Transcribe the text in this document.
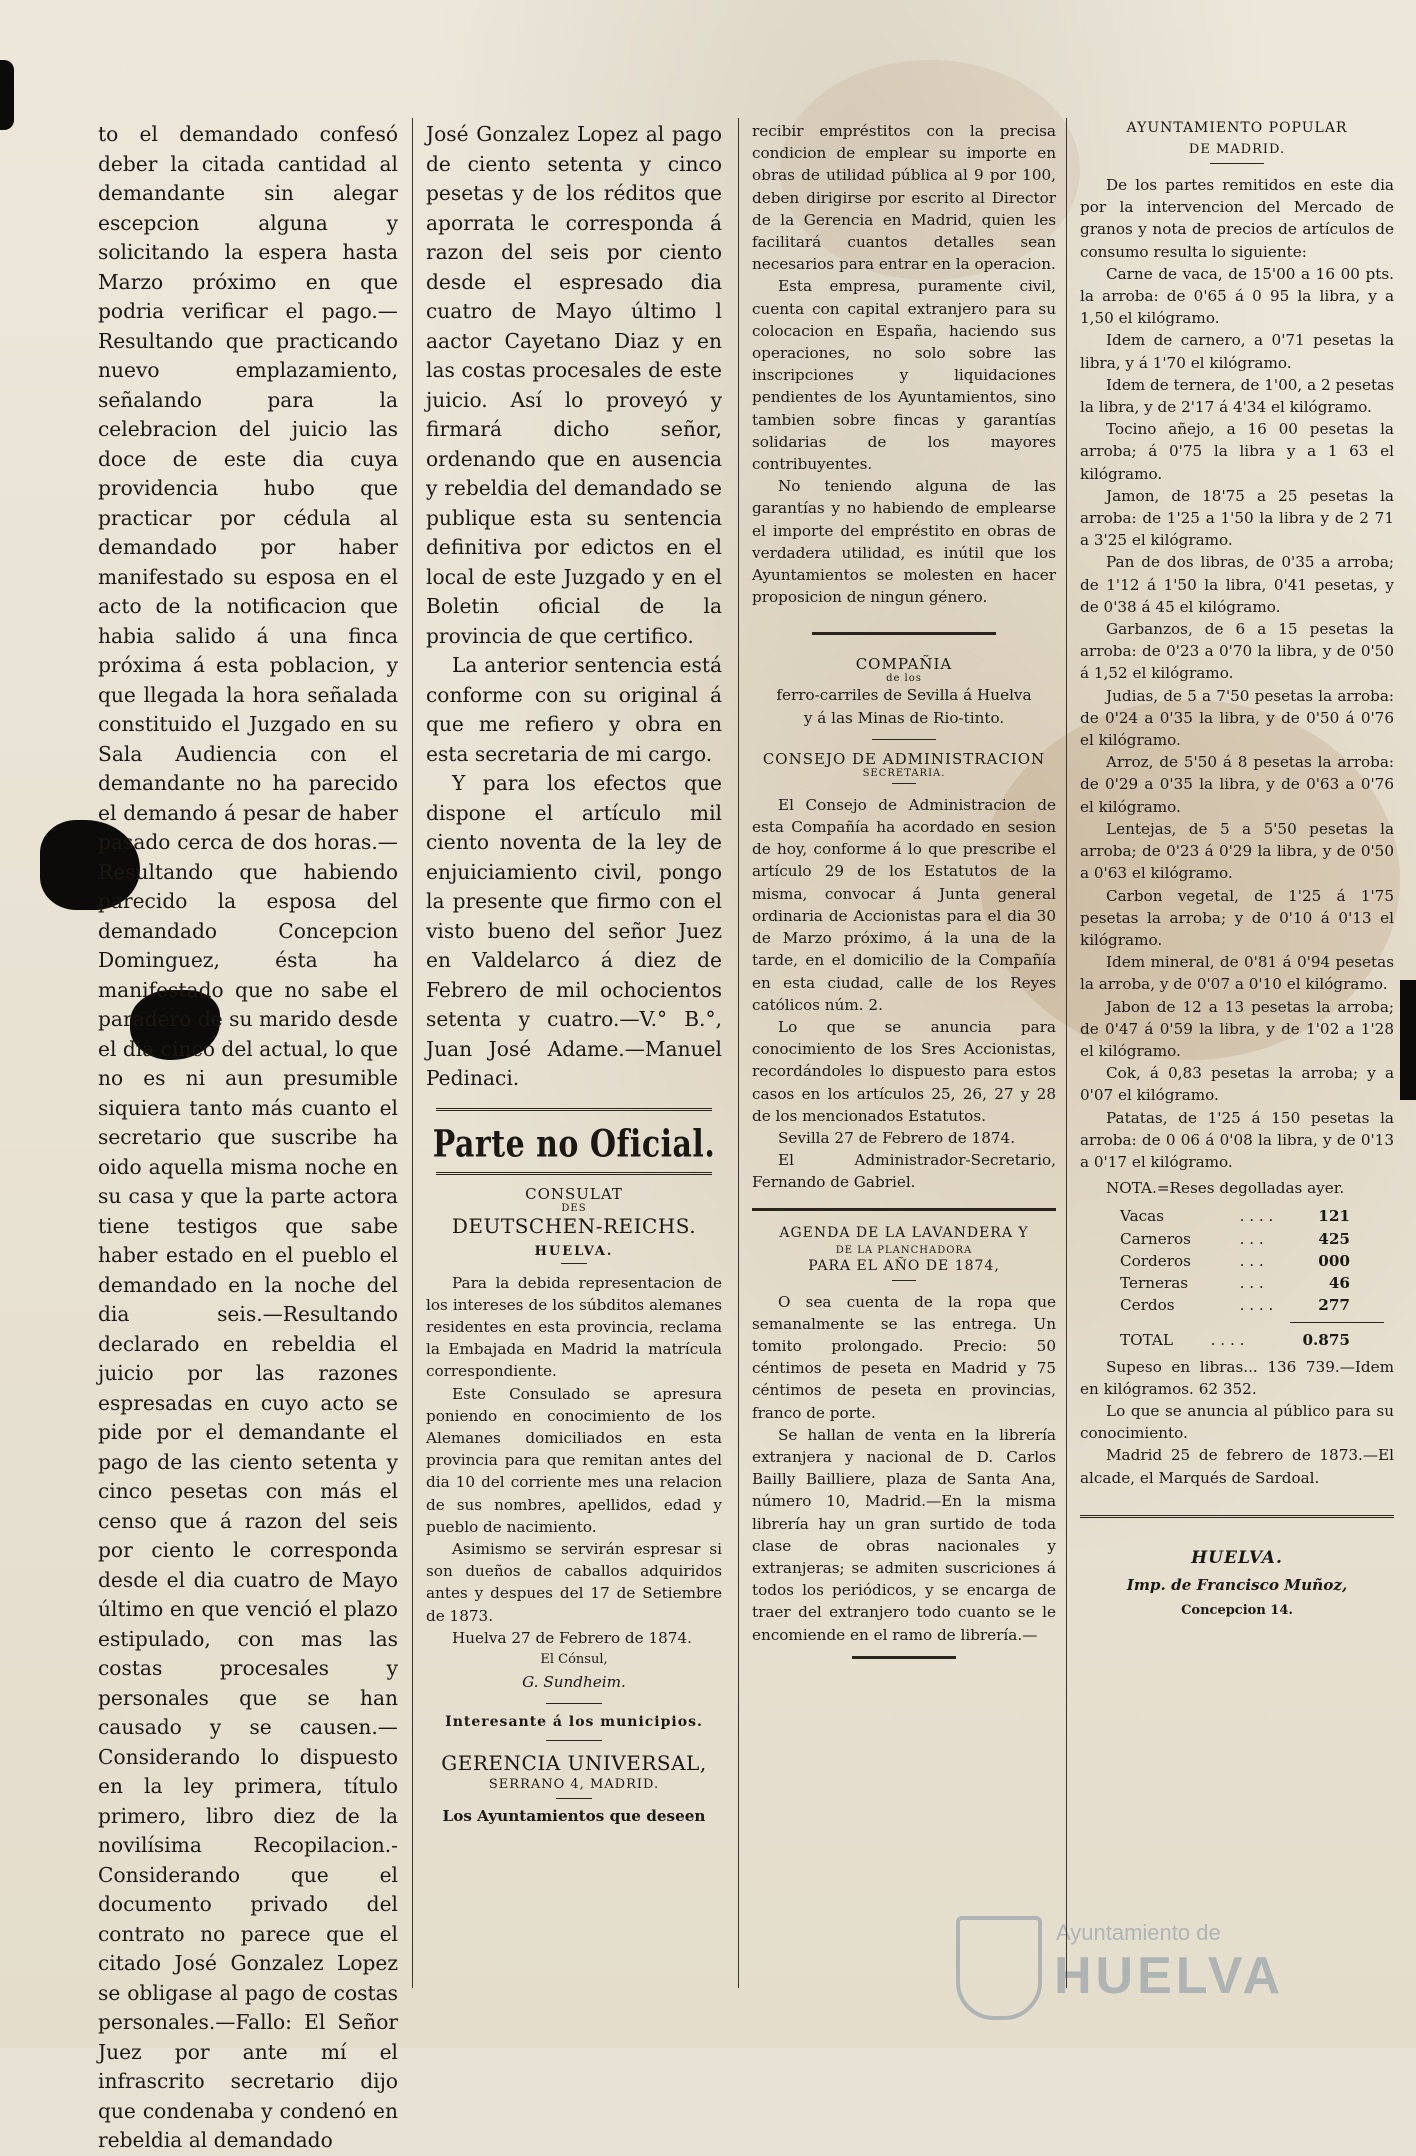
to el demandado confesó deber la citada cantidad al demandante sin alegar escepcion alguna y solicitando la espera hasta Marzo próximo en que podria verificar el pago.—Resultando que practicando nuevo emplazamiento, señalando para la celebracion del juicio las doce de este dia cuya providencia hubo que practicar por cédula al demandado por haber manifestado su esposa en el acto de la notificacion que habia salido á una finca próxima á esta poblacion, y que llegada la hora señalada constituido el Juzgado en su Sala Audiencia con el demandante no ha parecido el demando á pesar de haber pasado cerca de dos horas.—Resultando que habiendo parecido la esposa del demandado Concepcion Dominguez, ésta ha manifestado que no sabe el paradero de su marido desde el dia cinco del actual, lo que no es ni aun presumible siquiera tanto más cuanto el secretario que suscribe ha oido aquella misma noche en su casa y que la parte actora tiene testigos que sabe haber estado en el pueblo el demandado en la noche del dia seis.—Resultando declarado en rebeldia el juicio por las razones espresadas en cuyo acto se pide por el demandante el pago de las ciento setenta y cinco pesetas con más el censo que á razon del seis por ciento le corresponda desde el dia cuatro de Mayo último en que venció el plazo estipulado, con mas las costas procesales y personales que se han causado y se causen.—Considerando lo dispuesto en la ley primera, título primero, libro diez de la novilísima Recopilacion.-Considerando que el documento privado del contrato no parece que el citado José Gonzalez Lopez se obligase al pago de costas personales.—Fallo: El Señor Juez por ante mí el infrascrito secretario dijo que condenaba y condenó en rebeldia al demandado

José Gonzalez Lopez al pago de ciento setenta y cinco pesetas y de los réditos que aporrata le corresponda á razon del seis por ciento desde el espresado dia cuatro de Mayo último l aactor Cayetano Diaz y en las costas procesales de este juicio. Así lo proveyó y firmará dicho señor, ordenando que en ausencia y rebeldia del demandado se publique esta su sentencia definitiva por edictos en el local de este Juzgado y en el Boletin oficial de la provincia de que certifico.

La anterior sentencia está conforme con su original á que me refiero y obra en esta secretaria de mi cargo.

Y para los efectos que dispone el artículo mil ciento noventa de la ley de enjuiciamiento civil, pongo la presente que firmo con el visto bueno del señor Juez en Valdelarco á diez de Febrero de mil ochocientos setenta y cuatro.—V.° B.°, Juan José Adame.—Manuel Pedinaci.

Parte no Oficial.
CONSULAT
DES
DEUTSCHEN-REICHS.
HUELVA.

Para la debida representacion de los intereses de los súbditos alemanes residentes en esta provincia, reclama la Embajada en Madrid la matrícula correspondiente.

Este Consulado se apresura poniendo en conocimiento de los Alemanes domiciliados en esta provincia para que remitan antes del dia 10 del corriente mes una relacion de sus nombres, apellidos, edad y pueblo de nacimiento.

Asimismo se servirán espresar si son dueños de caballos adquiridos antes y despues del 17 de Setiembre de 1873.

Huelva 27 de Febrero de 1874.

El Cónsul,

G. Sundheim.

Interesante á los municipios.
GERENCIA UNIVERSAL,
SERRANO 4, MADRID.

Los Ayuntamientos que deseen

recibir empréstitos con la precisa condicion de emplear su importe en obras de utilidad pública al 9 por 100, deben dirigirse por escrito al Director de la Gerencia en Madrid, quien les facilitará cuantos detalles sean necesarios para entrar en la operacion.

Esta empresa, puramente civil, cuenta con capital extranjero para su colocacion en España, haciendo sus operaciones, no solo sobre las inscripciones y liquidaciones pendientes de los Ayuntamientos, sino tambien sobre fincas y garantías solidarias de los mayores contribuyentes.

No teniendo alguna de las garantías y no habiendo de emplearse el importe del empréstito en obras de verdadera utilidad, es inútil que los Ayuntamientos se molesten en hacer proposicion de ningun género.

COMPAÑIA
de los
ferro-carriles de Sevilla á Huelva
y á las Minas de Rio-tinto.
CONSEJO DE ADMINISTRACION
SECRETARIA.

El Consejo de Administracion de esta Compañía ha acordado en sesion de hoy, conforme á lo que prescribe el artículo 29 de los Estatutos de la misma, convocar á Junta general ordinaria de Accionistas para el dia 30 de Marzo próximo, á la una de la tarde, en el domicilio de la Compañía en esta ciudad, calle de los Reyes católicos núm. 2.

Lo que se anuncia para conocimiento de los Sres Accionistas, recordándoles lo dispuesto para estos casos en los artículos 25, 26, 27 y 28 de los mencionados Estatutos.

Sevilla 27 de Febrero de 1874.

El Administrador-Secretario, Fernando de Gabriel.

AGENDA DE LA LAVANDERA Y
DE LA PLANCHADORA
PARA EL AÑO DE 1874,

O sea cuenta de la ropa que semanalmente se las entrega. Un tomito prolongado. Precio: 50 céntimos de peseta en Madrid y 75 céntimos de peseta en provincias, franco de porte.

Se hallan de venta en la librería extranjera y nacional de D. Carlos Bailly Bailliere, plaza de Santa Ana, número 10, Madrid.—En la misma librería hay un gran surtido de toda clase de obras nacionales y extranjeras; se admiten suscriciones á todos los periódicos, y se encarga de traer del extranjero todo cuanto se le encomiende en el ramo de librería.—

AYUNTAMIENTO POPULAR
DE MADRID.

De los partes remitidos en este dia por la intervencion del Mercado de granos y nota de precios de artículos de consumo resulta lo siguiente:

Carne de vaca, de 15'00 a 16 00 pts. la arroba: de 0'65 á 0 95 la libra, y a 1,50 el kilógramo.

Idem de carnero, a 0'71 pesetas la libra, y á 1'70 el kilógramo.

Idem de ternera, de 1'00, a 2 pesetas la libra, y de 2'17 á 4'34 el kilógramo.

Tocino añejo, a 16 00 pesetas la arroba; á 0'75 la libra y a 1 63 el kilógramo.

Jamon, de 18'75 a 25 pesetas la arroba: de 1'25 a 1'50 la libra y de 2 71 a 3'25 el kilógramo.

Pan de dos libras, de 0'35 a arroba; de 1'12 á 1'50 la libra, 0'41 pesetas, y de 0'38 á 45 el kilógramo.

Garbanzos, de 6 a 15 pesetas la arroba: de 0'23 a 0'70 la libra, y de 0'50 á 1,52 el kilógramo.

Judias, de 5 a 7'50 pesetas la arroba: de 0'24 a 0'35 la libra, y de 0'50 á 0'76 el kilógramo.

Arroz, de 5'50 á 8 pesetas la arroba: de 0'29 a 0'35 la libra, y de 0'63 a 0'76 el kilógramo.

Lentejas, de 5 a 5'50 pesetas la arroba; de 0'23 á 0'29 la libra, y de 0'50 a 0'63 el kilógramo.

Carbon vegetal, de 1'25 á 1'75 pesetas la arroba; y de 0'10 á 0'13 el kilógramo.

Idem mineral, de 0'81 á 0'94 pesetas la arroba, y de 0'07 a 0'10 el kilógramo.

Jabon de 12 a 13 pesetas la arroba; de 0'47 á 0'59 la libra, y de 1'02 a 1'28 el kilógramo.

Cok, á 0,83 pesetas la arroba; y a 0'07 el kilógramo.

Patatas, de 1'25 á 150 pesetas la arroba: de 0 06 á 0'08 la libra, y de 0'13 a 0'17 el kilógramo.

NOTA.=Reses degolladas ayer.

Vacas	. . . .	121
Carneros	. . .	425
Corderos	. . .	000
Terneras	. . .	46
Cerdos	. . . .	277
TOTAL	. . . .	0.875

Supeso en libras... 136 739.—Idem en kilógramos. 62 352.

Lo que se anuncia al público para su conocimiento.

Madrid 25 de febrero de 1873.—El alcade, el Marqués de Sardoal.

HUELVA.
Imp. de Francisco Muñoz,
Concepcion 14.
Ayuntamiento de
HUELVA
